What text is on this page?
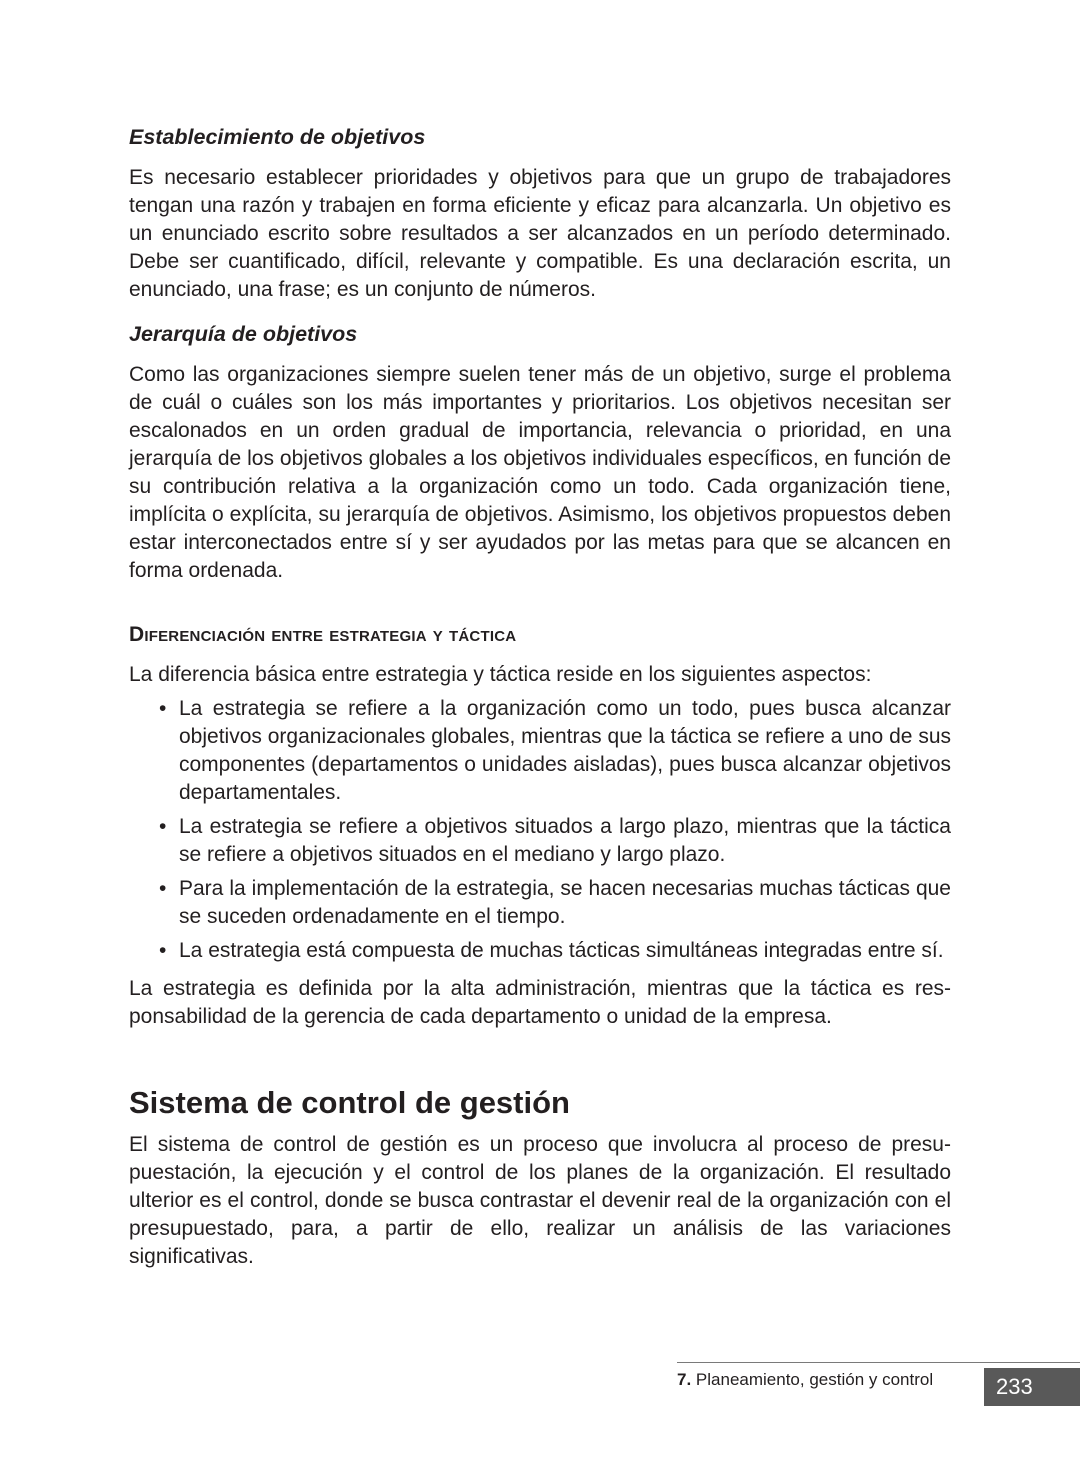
Establecimiento de objetivos

Es necesario establecer prioridades y objetivos para que un grupo de trabajadores tengan una razón y trabajen en forma eficiente y eficaz para alcanzarla. Un objetivo es un enunciado escrito sobre resultados a ser alcanzados en un período determinado. Debe ser cuantificado, difícil, relevante y compatible. Es una declaración escrita, un enunciado, una frase; es un conjunto de números.

Jerarquía de objetivos

Como las organizaciones siempre suelen tener más de un objetivo, surge el problema de cuál o cuáles son los más importantes y prioritarios. Los objetivos necesitan ser escalonados en un orden gradual de importancia, relevancia o prioridad, en una jerarquía de los objetivos globales a los objetivos individuales específicos, en función de su contribución relativa a la organización como un todo. Cada organización tiene, implícita o explícita, su jerarquía de objetivos. Asimismo, los objetivos propuestos deben estar interconectados entre sí y ser ayudados por las metas para que se alcancen en forma ordenada.

Diferenciación entre estrategia y táctica

La diferencia básica entre estrategia y táctica reside en los siguientes aspectos:

• La estrategia se refiere a la organización como un todo, pues busca alcanzar objetivos organizacionales globales, mientras que la táctica se refiere a uno de sus componentes (departamentos o unidades aisladas), pues busca alcanzar objetivos departamentales.
• La estrategia se refiere a objetivos situados a largo plazo, mientras que la táctica se refiere a objetivos situados en el mediano y largo plazo.
• Para la implementación de la estrategia, se hacen necesarias muchas tácticas que se suceden ordenadamente en el tiempo.
• La estrategia está compuesta de muchas tácticas simultáneas integradas entre sí.

La estrategia es definida por la alta administración, mientras que la táctica es responsabilidad de la gerencia de cada departamento o unidad de la empresa.

Sistema de control de gestión

El sistema de control de gestión es un proceso que involucra al proceso de presupuestación, la ejecución y el control de los planes de la organización. El resultado ulterior es el control, donde se busca contrastar el devenir real de la organización con el presupuestado, para, a partir de ello, realizar un análisis de las variaciones significativas.

7. Planeamiento, gestión y control	233
